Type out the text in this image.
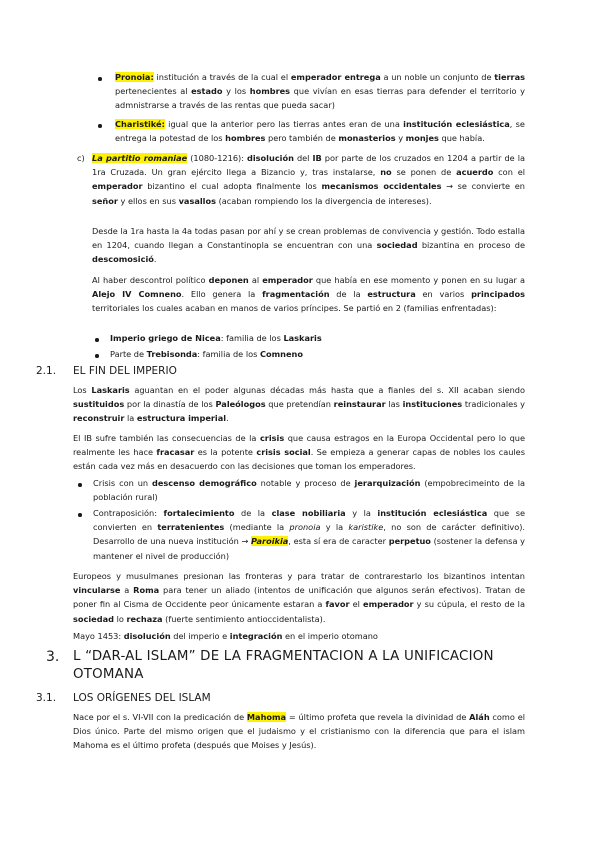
Pronoia: institución a través de la cual el emperador entrega a un noble un conjunto de tierras pertenecientes al estado y los hombres que vivían en esas tierras para defender el territorio y admnistrarse a través de las rentas que pueda sacar)

Charistiké: igual que la anterior pero las tierras antes eran de una institución eclesiástica, se entrega la potestad de los hombres pero también de monasterios y monjes que había.

c) La partitio romaniae (1080-1216): disolución del IB por parte de los cruzados en 1204 a partir de la 1ra Cruzada. Un gran ejército llega a Bizancio y, tras instalarse, no se ponen de acuerdo con el emperador bizantino el cual adopta finalmente los mecanismos occidentales → se convierte en señor y ellos en sus vasallos (acaban rompiendo los la divergencia de intereses).

Desde la 1ra hasta la 4a todas pasan por ahí y se crean problemas de convivencia y gestión. Todo estalla en 1204, cuando llegan a Constantinopla se encuentran con una sociedad bizantina en proceso de descomosició.

Al haber descontrol político deponen al emperador que había en ese momento y ponen en su lugar a Alejo IV Comneno. Ello genera la fragmentación de la estructura en varios principados territoriales los cuales acaban en manos de varios príncipes. Se partió en 2 (familias enfrentadas):

Imperio griego de Nicea: familia de los Laskaris

Parte de Trebisonda: familia de los Comneno

2.1. EL FIN DEL IMPERIO

Los Laskaris aguantan en el poder algunas décadas más hasta que a fianles del s. XII acaban siendo sustituidos por la dinastía de los Paleólogos que pretendían reinstaurar las instituciones tradicionales y reconstruir la estructura imperial.

El IB sufre también las consecuencias de la crisis que causa estragos en la Europa Occidental pero lo que realmente les hace fracasar es la potente crisis social. Se empieza a generar capas de nobles los caules están cada vez más en desacuerdo con las decisiones que toman los emperadores.

Crisis con un descenso demográfico notable y proceso de jerarquización (empobrecimeinto de la población rural)

Contraposición: fortalecimiento de la clase nobiliaria y la institución eclesiástica que se convierten en terratenientes (mediante la pronoia y la karistike, no son de carácter definitivo). Desarrollo de una nueva institución → Paroikia, esta sí era de caracter perpetuo (sostener la defensa y mantener el nivel de producción)

Europeos y musulmanes presionan las fronteras y para tratar de contrarestarlo los bizantinos intentan vincularse a Roma para tener un aliado (intentos de unificación que algunos serán efectivos). Tratan de poner fin al Cisma de Occidente peor únicamente estaran a favor el emperador y su cúpula, el resto de la sociedad lo rechaza (fuerte sentimiento antioccidentalista).

Mayo 1453: disolución del imperio e integración en el imperio otomano

3. L “DAR-AL ISLAM” DE LA FRAGMENTACION A LA UNIFICACION OTOMANA
3.1. LOS ORÍGENES DEL ISLAM

Nace por el s. VI-VII con la predicación de Mahoma = último profeta que revela la divinidad de Aláh como el Dios único. Parte del mismo origen que el judaismo y el cristianismo con la diferencia que para el islam Mahoma es el último profeta (después que Moises y Jesús).
